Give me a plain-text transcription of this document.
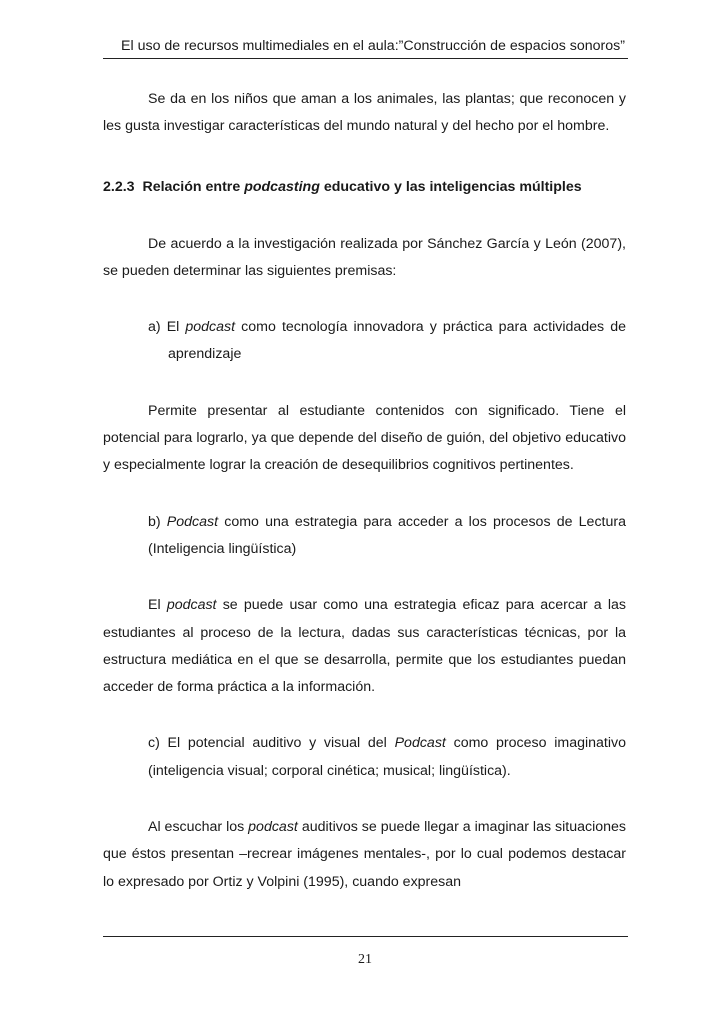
El uso de recursos multimediales en el aula:”Construcción de espacios sonoros”

Se da en los niños que aman a los animales, las plantas; que reconocen y les gusta investigar características del mundo natural y del hecho por el hombre.

2.2.3 Relación entre podcasting educativo y las inteligencias múltiples

De acuerdo a la investigación realizada por Sánchez García y León (2007), se pueden determinar las siguientes premisas:

a) El podcast como tecnología innovadora y práctica para actividades de aprendizaje

Permite presentar al estudiante contenidos con significado. Tiene el potencial para lograrlo, ya que depende del diseño de guión, del objetivo educativo y especialmente lograr la creación de desequilibrios cognitivos pertinentes.

b) Podcast como una estrategia para acceder a los procesos de Lectura (Inteligencia lingüística)

El podcast se puede usar como una estrategia eficaz para acercar a las estudiantes al proceso de la lectura, dadas sus características técnicas, por la estructura mediática en el que se desarrolla, permite que los estudiantes puedan acceder de forma práctica a la información.

c) El potencial auditivo y visual del Podcast como proceso imaginativo (inteligencia visual; corporal cinética; musical; lingüística).

Al escuchar los podcast auditivos se puede llegar a imaginar las situaciones que éstos presentan –recrear imágenes mentales-, por lo cual podemos destacar lo expresado por Ortiz y Volpini (1995), cuando expresan

21
